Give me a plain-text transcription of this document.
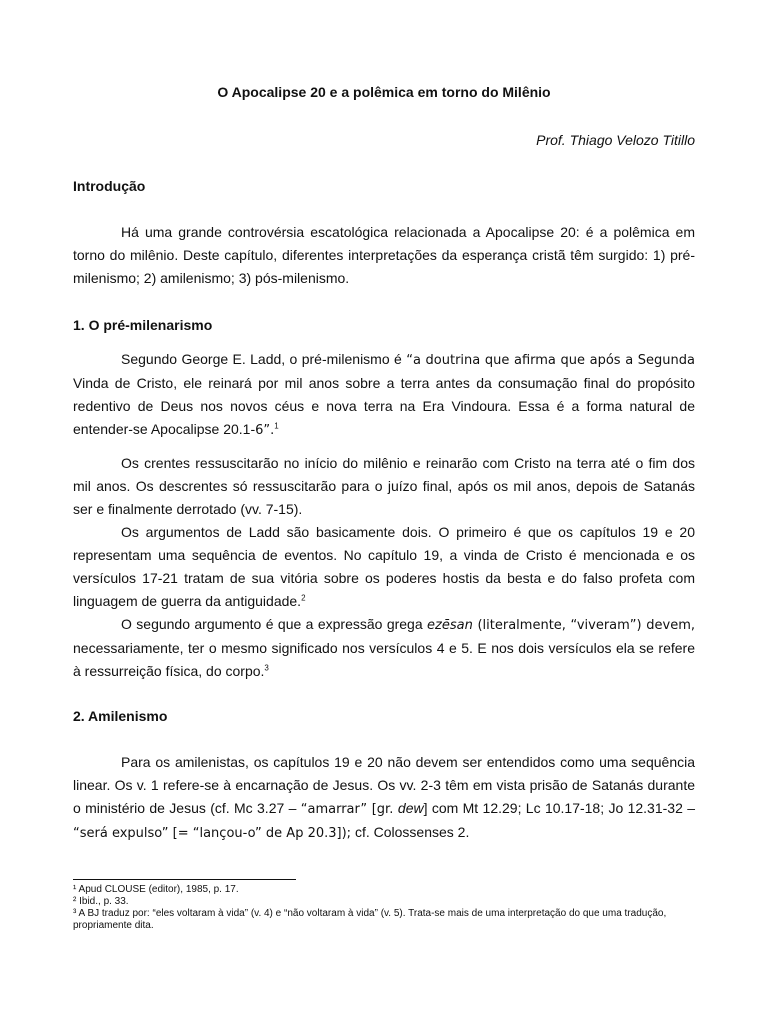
O Apocalipse 20 e a polêmica em torno do Milênio
Prof. Thiago Velozo Titillo
Introdução

Há uma grande controvérsia escatológica relacionada a Apocalipse 20: é a polêmica em torno do milênio. Deste capítulo, diferentes interpretações da esperança cristã têm surgido: 1) pré-milenismo; 2) amilenismo; 3) pós-milenismo.

1. O pré-milenarismo

Segundo George E. Ladd, o pré-milenismo é “a doutrina que afirma que após a Segunda Vinda de Cristo, ele reinará por mil anos sobre a terra antes da consumação final do propósito redentivo de Deus nos novos céus e nova terra na Era Vindoura. Essa é a forma natural de entender-se Apocalipse 20.1-6”.$^1$

Os crentes ressuscitarão no início do milênio e reinarão com Cristo na terra até o fim dos mil anos. Os descrentes só ressuscitarão para o juízo final, após os mil anos, depois de Satanás ser e finalmente derrotado (vv. 7-15).

Os argumentos de Ladd são basicamente dois. O primeiro é que os capítulos 19 e 20 representam uma sequência de eventos. No capítulo 19, a vinda de Cristo é mencionada e os versículos 17-21 tratam de sua vitória sobre os poderes hostis da besta e do falso profeta com linguagem de guerra da antiguidade.$^2$

O segundo argumento é que a expressão grega ezēsan (literalmente, “viveram”) devem, necessariamente, ter o mesmo significado nos versículos 4 e 5. E nos dois versículos ela se refere à ressurreição física, do corpo.$^3$

2. Amilenismo

Para os amilenistas, os capítulos 19 e 20 não devem ser entendidos como uma sequência linear. Os v. 1 refere-se à encarnação de Jesus. Os vv. 2-3 têm em vista prisão de Satanás durante o ministério de Jesus (cf. Mc 3.27 – “amarrar” [gr. dew] com Mt 12.29; Lc 10.17-18; Jo 12.31-32 – “será expulso” [= “lançou-o” de Ap 20.3]); cf. Colossenses 2.

¹ Apud CLOUSE (editor), 1985, p. 17.

² Ibid., p. 33.

³ A BJ traduz por: “eles voltaram à vida” (v. 4) e “não voltaram à vida” (v. 5). Trata-se mais de uma interpretação do que uma tradução, propriamente dita.
